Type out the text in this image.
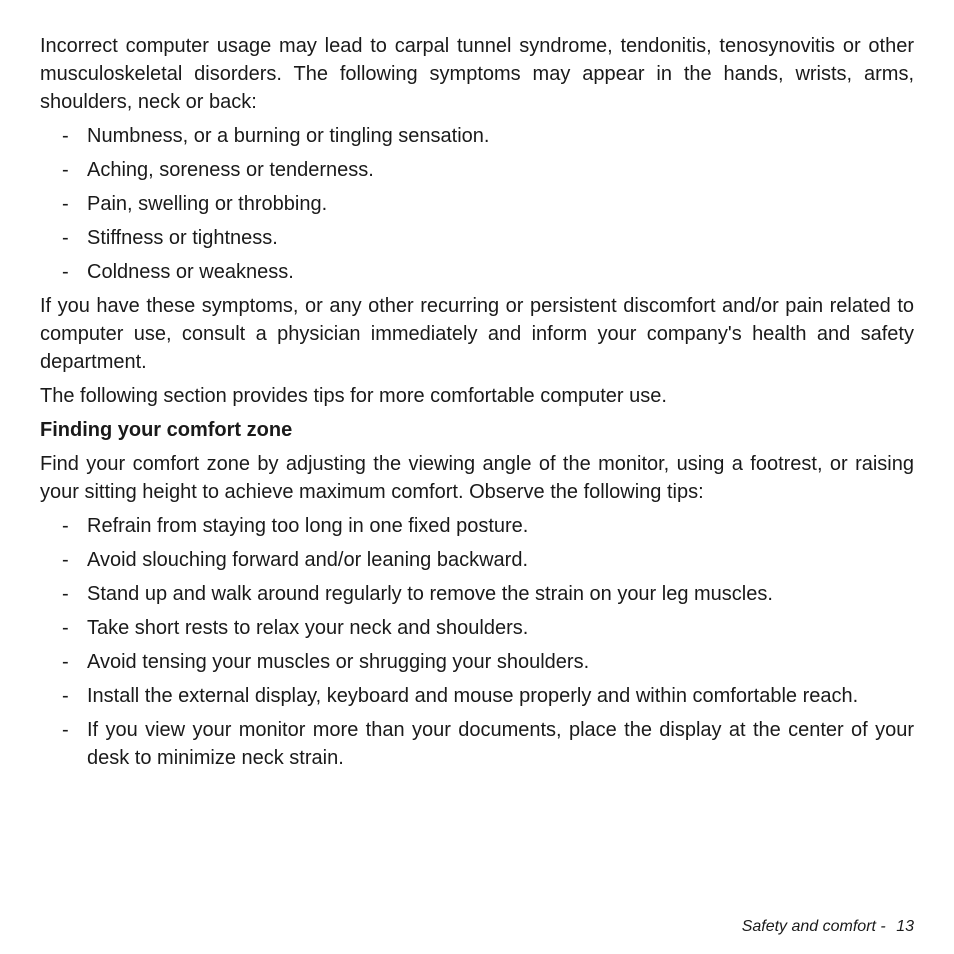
Incorrect computer usage may lead to carpal tunnel syndrome, tendonitis, tenosynovitis or other musculoskeletal disorders. The following symptoms may appear in the hands, wrists, arms, shoulders, neck or back:

- Numbness, or a burning or tingling sensation.
- Aching, soreness or tenderness.
- Pain, swelling or throbbing.
- Stiffness or tightness.
- Coldness or weakness.

If you have these symptoms, or any other recurring or persistent discomfort and/or pain related to computer use, consult a physician immediately and inform your company's health and safety department.

The following section provides tips for more comfortable computer use.

Finding your comfort zone

Find your comfort zone by adjusting the viewing angle of the monitor, using a footrest, or raising your sitting height to achieve maximum comfort. Observe the following tips:

- Refrain from staying too long in one fixed posture.
- Avoid slouching forward and/or leaning backward.
- Stand up and walk around regularly to remove the strain on your leg muscles.
- Take short rests to relax your neck and shoulders.
- Avoid tensing your muscles or shrugging your shoulders.
- Install the external display, keyboard and mouse properly and within comfortable reach.
- If you view your monitor more than your documents, place the display at the center of your desk to minimize neck strain.
Safety and comfort - 13
